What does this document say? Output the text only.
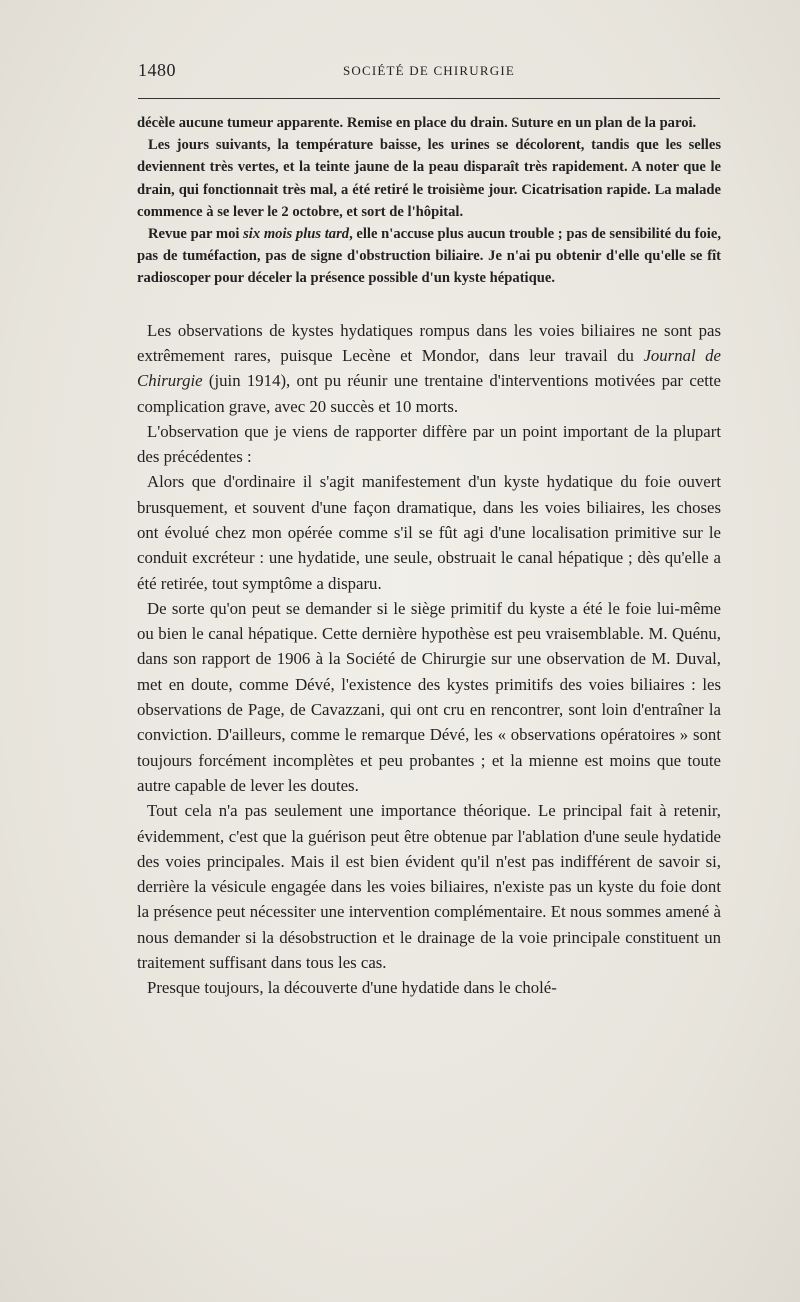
1480	SOCIÉTÉ DE CHIRURGIE

décèle aucune tumeur apparente. Remise en place du drain. Suture en un plan de la paroi.

Les jours suivants, la température baisse, les urines se décolorent, tandis que les selles deviennent très vertes, et la teinte jaune de la peau disparaît très rapidement. A noter que le drain, qui fonctionnait très mal, a été retiré le troisième jour. Cicatrisation rapide. La malade commence à se lever le 2 octobre, et sort de l'hôpital.

Revue par moi six mois plus tard, elle n'accuse plus aucun trouble ; pas de sensibilité du foie, pas de tuméfaction, pas de signe d'obstruction biliaire. Je n'ai pu obtenir d'elle qu'elle se fît radioscoper pour déceler la présence possible d'un kyste hépatique.

Les observations de kystes hydatiques rompus dans les voies biliaires ne sont pas extrêmement rares, puisque Lecène et Mondor, dans leur travail du Journal de Chirurgie (juin 1914), ont pu réunir une trentaine d'interventions motivées par cette complication grave, avec 20 succès et 10 morts.

L'observation que je viens de rapporter diffère par un point important de la plupart des précédentes :

Alors que d'ordinaire il s'agit manifestement d'un kyste hydatique du foie ouvert brusquement, et souvent d'une façon dramatique, dans les voies biliaires, les choses ont évolué chez mon opérée comme s'il se fût agi d'une localisation primitive sur le conduit excréteur : une hydatide, une seule, obstruait le canal hépatique ; dès qu'elle a été retirée, tout symptôme a disparu.

De sorte qu'on peut se demander si le siège primitif du kyste a été le foie lui-même ou bien le canal hépatique. Cette dernière hypothèse est peu vraisemblable. M. Quénu, dans son rapport de 1906 à la Société de Chirurgie sur une observation de M. Duval, met en doute, comme Dévé, l'existence des kystes primitifs des voies biliaires : les observations de Page, de Cavazzani, qui ont cru en rencontrer, sont loin d'entraîner la conviction. D'ailleurs, comme le remarque Dévé, les « observations opératoires » sont toujours forcément incomplètes et peu probantes ; et la mienne est moins que toute autre capable de lever les doutes.

Tout cela n'a pas seulement une importance théorique. Le principal fait à retenir, évidemment, c'est que la guérison peut être obtenue par l'ablation d'une seule hydatide des voies principales. Mais il est bien évident qu'il n'est pas indifférent de savoir si, derrière la vésicule engagée dans les voies biliaires, n'existe pas un kyste du foie dont la présence peut nécessiter une intervention complémentaire. Et nous sommes amené à nous demander si la désobstruction et le drainage de la voie principale constituent un traitement suffisant dans tous les cas.

Presque toujours, la découverte d'une hydatide dans le cholé-
